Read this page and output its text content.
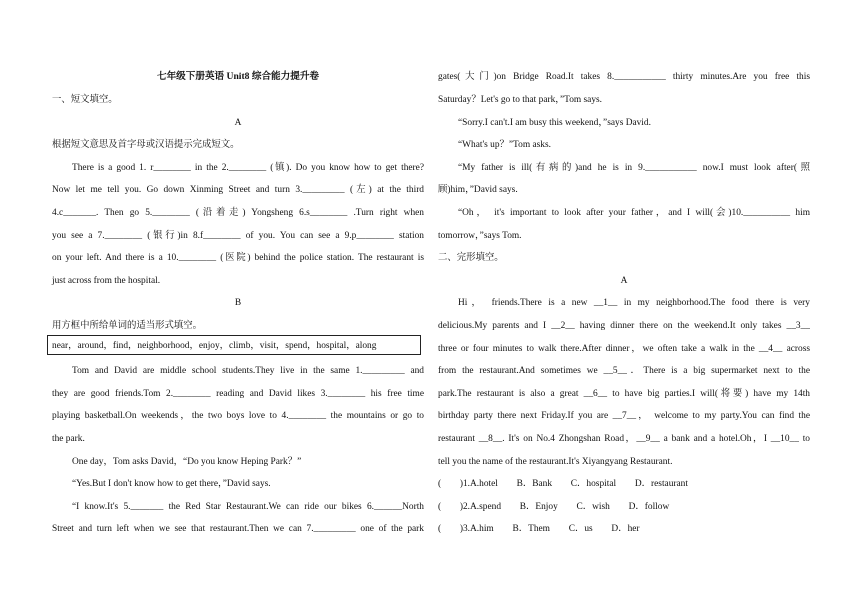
七年级下册英语 Unit8 综合能力提升卷
一、短文填空。
A
根据短文意思及首字母或汉语提示完成短文。
There is a good 1. r________ in the 2.________ (镇). Do you know how to get there?
Now let me tell you. Go down Xinming Street and turn 3._________ (左) at the third
4.c_______. Then go 5.________ (沿着走) Yongsheng 6.s________ .Turn right when
you see a 7.________ (银行)in 8.f________ of you. You can see a 9.p________ station
on your left. And there is a 10.________ (医院) behind the police station. The restaurant is
just across from the hospital.
B
用方框中所给单词的适当形式填空。
near，around，find，neighborhood，enjoy，climb，visit，spend，hospital，along
Tom and David are middle school students.They live in the same 1._________ and
they are good friends.Tom 2.________ reading and David likes 3.________ his free time
playing basketball.On weekends，the two boys love to 4.________ the mountains or go to
the park.
One day，Tom asks David，“Do you know Heping Park？”
“Yes.But I don't know how to get there，”David says.
“I know.It's 5._______ the Red Star Restaurant.We can ride our bikes 6.______North
Street and turn left when we see that restaurant.Then we can 7._________ one of the park
gates(大门)on Bridge Road.It takes 8.___________ thirty minutes.Are you free this
Saturday？Let's go to that park，”Tom says.
“Sorry.I can't.I am busy this weekend，”says David.
“What's up？”Tom asks.
“My father is ill(有病的)and he is in 9.___________ now.I must look after(照
顾)him，”David says.
“Oh， it's important to look after your father，and I will(会)10.__________ him
tomorrow，”says Tom.
二、完形填空。
A
Hi， friends.There is a new __1__ in my neighborhood.The food there is very
delicious.My parents and I __2__ having dinner there on the weekend.It only takes __3__
three or four minutes to walk there.After dinner，we often take a walk in the __4__ across
from the restaurant.And sometimes we __5__．There is a big supermarket next to the
park.The restaurant is also a great __6__ to have big parties.I will(将要) have my 14th
birthday party there next Friday.If you are __7__， welcome to my party.You can find the
restaurant __8__. It's on No.4 Zhongshan Road，__9__ a bank and a hotel.Oh，I __10__ to
tell you the name of the restaurant.It's Xiyangyang Restaurant.
(        )1.A.hotel        B．Bank        C．hospital        D．restaurant
(        )2.A.spend        B．Enjoy        C．wish        D．follow
(        )3.A.him        B．Them        C．us        D．her
